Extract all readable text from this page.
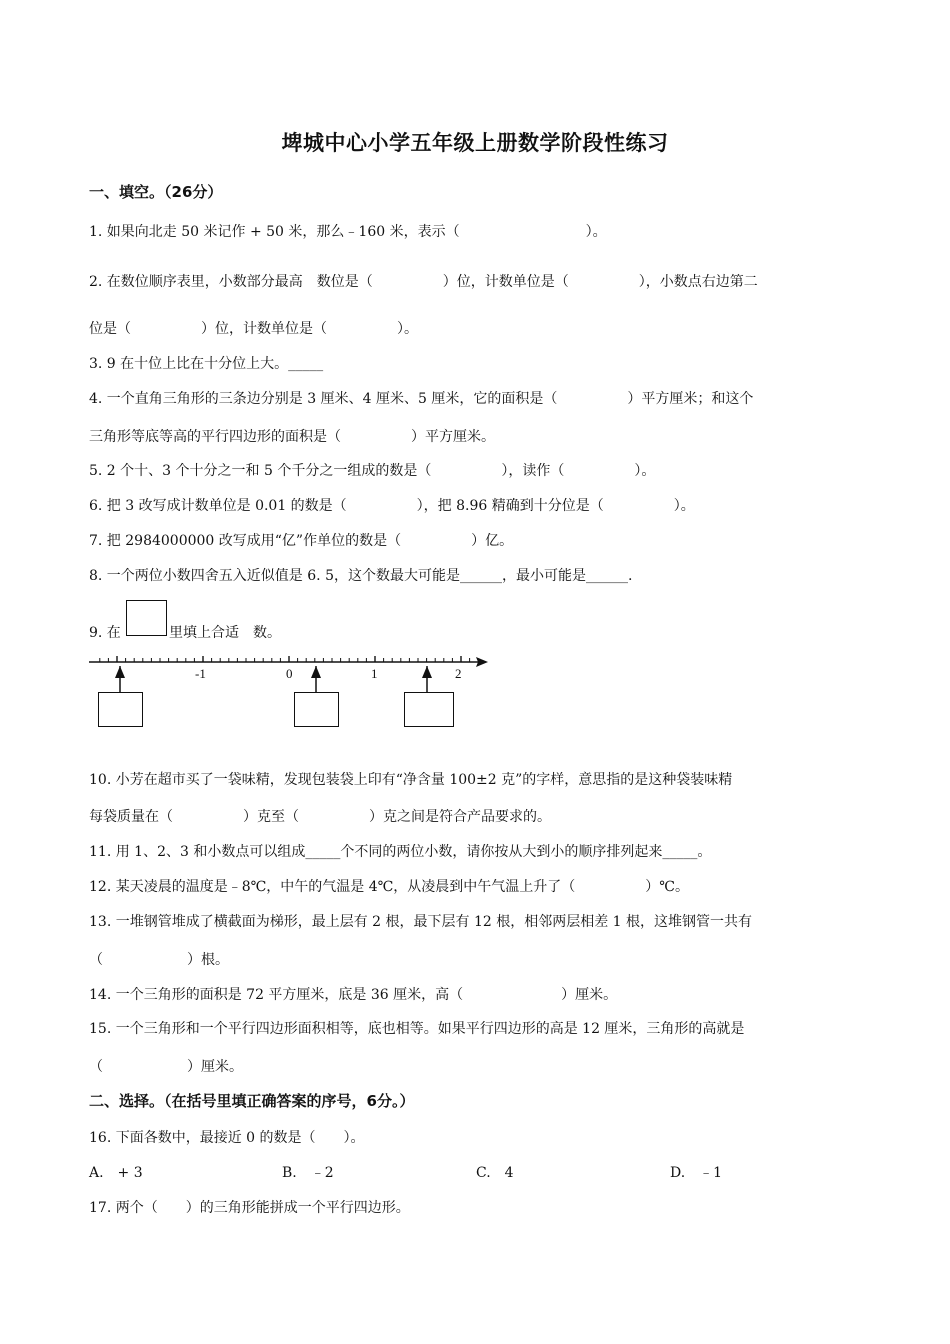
埤城中心小学五年级上册数学阶段性练习
一、填空。（26分）
1. 如果向北走 50 米记作 + 50 米，那么﹣160 米，表示（　　　　　　　　　）。
2. 在数位顺序表里，小数部分最高　数位是（　　　　　）位，计数单位是（　　　　　），小数点右边第二
位是（　　　　　）位，计数单位是（　　　　　）。
3. 9 在十位上比在十分位上大。_____
4. 一个直角三角形的三条边分别是 3 厘米、4 厘米、5 厘米，它的面积是（　　　　　）平方厘米；和这个
三角形等底等高的平行四边形的面积是（　　　　　）平方厘米。
5. 2 个十、3 个十分之一和 5 个千分之一组成的数是（　　　　　），读作（　　　　　）。
6. 把 3 改写成计数单位是 0.01 的数是（　　　　　），把 8.96 精确到十分位是（　　　　　）。
7. 把 2984000000 改写成用“亿”作单位的数是（　　　　　）亿。
8. 一个两位小数四舍五入近似值是 6. 5，这个数最大可能是______，最小可能是______.
9. 在	里填上合适　数。
-1	0	1	2
10. 小芳在超市买了一袋味精，发现包装袋上印有“净含量 100±2 克”的字样，意思指的是这种袋装味精
每袋质量在（　　　　　）克至（　　　　　）克之间是符合产品要求的。
11. 用 1、2、3 和小数点可以组成_____个不同的两位小数，请你按从大到小的顺序排列起来_____。
12. 某天凌晨的温度是﹣8℃，中午的气温是 4℃，从凌晨到中午气温上升了（　　　　　）℃。
13. 一堆钢管堆成了横截面为梯形，最上层有 2 根，最下层有 12 根，相邻两层相差 1 根，这堆钢管一共有
（　　　　　　）根。
14. 一个三角形的面积是 72 平方厘米，底是 36 厘米，高（　　　　　　　）厘米。
15. 一个三角形和一个平行四边形面积相等，底也相等。如果平行四边形的高是 12 厘米，三角形的高就是
（　　　　　　）厘米。
二、选择。（在括号里填正确答案的序号，6分。）
16. 下面各数中，最接近 0 的数是（　　）。
A.　+ 3	B.　﹣2	C.　4	D.　﹣1
17. 两个（　　）的三角形能拼成一个平行四边形。
